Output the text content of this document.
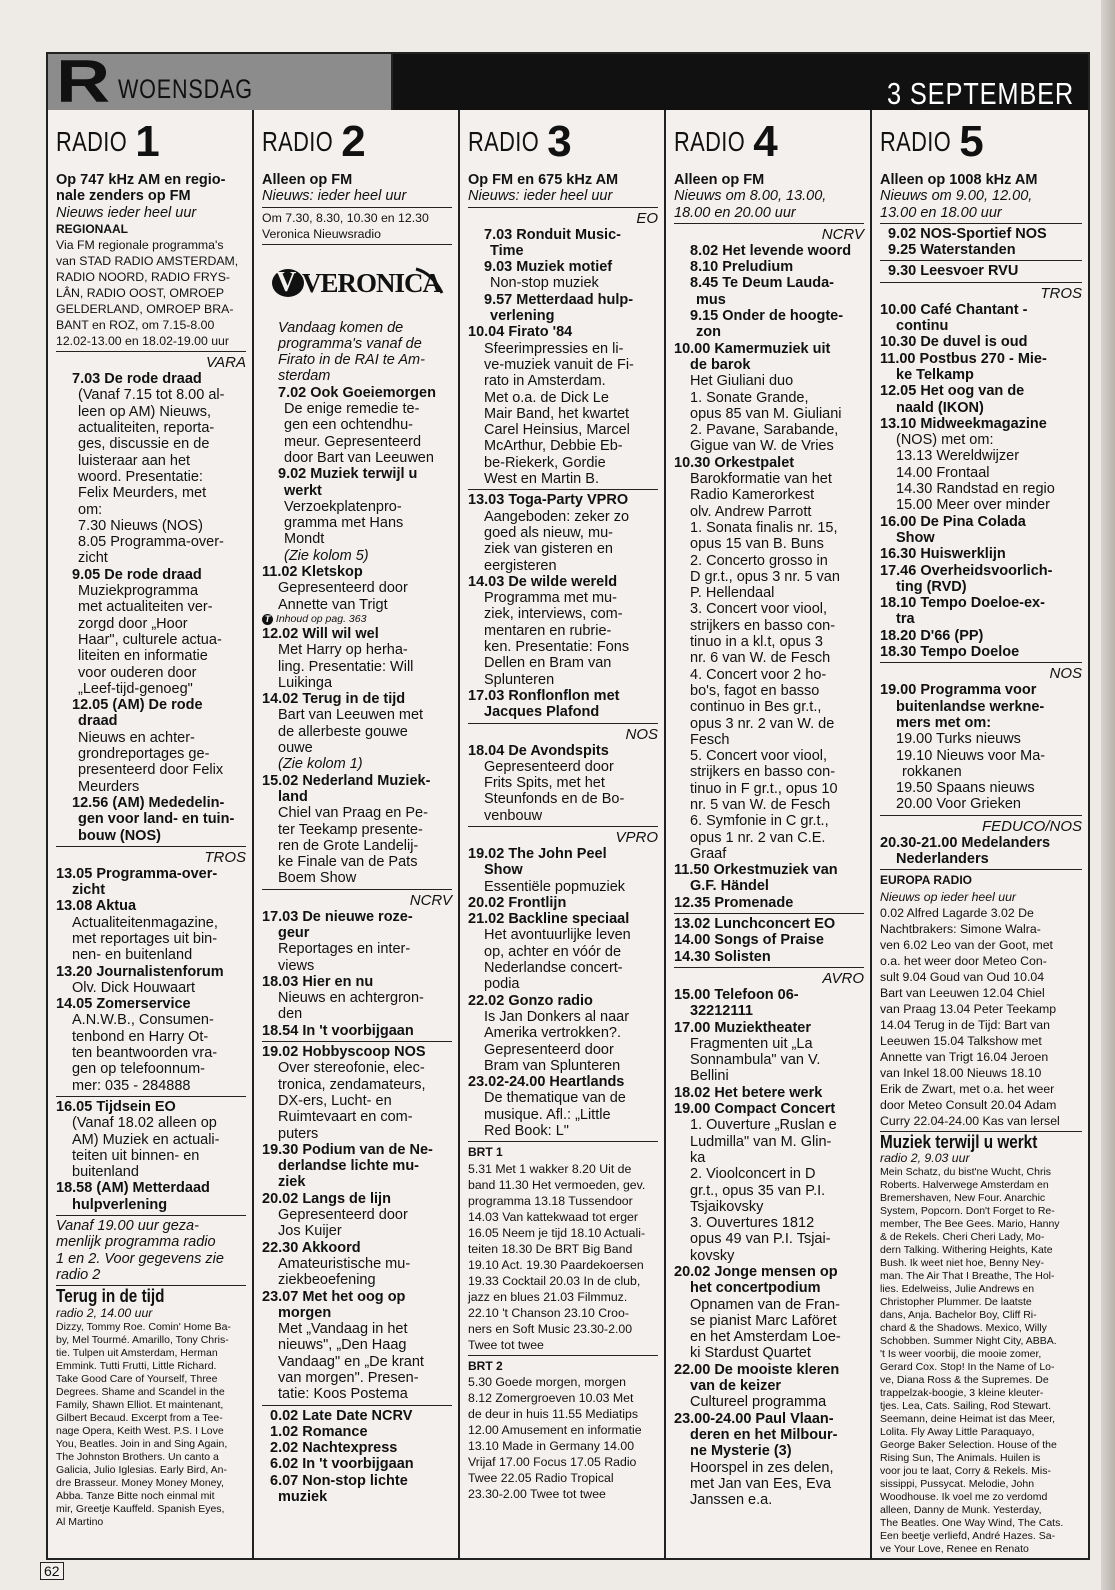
R WOENSDAG	3 SEPTEMBER
RADIO 1
Op 747 kHz AM en regio-
nale zenders op FM
Nieuws ieder heel uur
REGIONAAL
Via FM regionale programma's
van STAD RADIO AMSTERDAM,
RADIO NOORD, RADIO FRYS-
LÂN, RADIO OOST, OMROEP
GELDERLAND, OMROEP BRA-
BANT en ROZ, om 7.15-8.00
12.02-13.00 en 18.02-19.00 uur
VARA
7.03 De rode draad
(Vanaf 7.15 tot 8.00 al-
leen op AM) Nieuws,
actualiteiten, reporta-
ges, discussie en de
luisteraar aan het
woord. Presentatie:
Felix Meurders, met
om:
7.30 Nieuws (NOS)
8.05 Programma-over-
zicht
9.05 De rode draad
Muziekprogramma
met actualiteiten ver-
zorgd door „Hoor
Haar", culturele actua-
liteiten en informatie
voor ouderen door
„Leef-tijd-genoeg"
12.05 (AM) De rode
draad
Nieuws en achter-
grondreportages ge-
presenteerd door Felix
Meurders
12.56 (AM) Mededelin-
gen voor land- en tuin-
bouw (NOS)
TROS
13.05 Programma-over-
zicht
13.08 Aktua
Actualiteitenmagazine,
met reportages uit bin-
nen- en buitenland
13.20 Journalistenforum
Olv. Dick Houwaart
14.05 Zomerservice
A.N.W.B., Consumen-
tenbond en Harry Ot-
ten beantwoorden vra-
gen op telefoonnum-
mer: 035 - 284888
16.05 Tijdsein EO
(Vanaf 18.02 alleen op
AM) Muziek en actuali-
teiten uit binnen- en
buitenland
18.58 (AM) Metterdaad
hulpverlening
Vanaf 19.00 uur geza-
menlijk programma radio
1 en 2. Voor gegevens zie
radio 2
Terug in de tijd
radio 2, 14.00 uur
Dizzy, Tommy Roe. Comin' Home Ba-
by, Mel Tourmé. Amarillo, Tony Chris-
tie. Tulpen uit Amsterdam, Herman
Emmink. Tutti Frutti, Little Richard.
Take Good Care of Yourself, Three
Degrees. Shame and Scandel in the
Family, Shawn Elliot. Et maintenant,
Gilbert Becaud. Excerpt from a Tee-
nage Opera, Keith West. P.S. I Love
You, Beatles. Join in and Sing Again,
The Johnston Brothers. Un canto a
Galicia, Julio Iglesias. Early Bird, An-
dre Brasseur. Money Money Money,
Abba. Tanze Bitte noch einmal mit
mir, Greetje Kauffeld. Spanish Eyes,
Al Martino
RADIO 2
Alleen op FM
Nieuws: ieder heel uur
Om 7.30, 8.30, 10.30 en 12.30
Veronica Nieuwsradio
V VERONICA
Vandaag komen de
programma's vanaf de
Firato in de RAI te Am-
sterdam
7.02 Ook Goeiemorgen
De enige remedie te-
gen een ochtendhu-
meur. Gepresenteerd
door Bart van Leeuwen
9.02 Muziek terwijl u
werkt
Verzoekplatenpro-
gramma met Hans
Mondt
(Zie kolom 5)
11.02 Kletskop
Gepresenteerd door
Annette van Trigt
T Inhoud op pag. 363
12.02 Will wil wel
Met Harry op herha-
ling. Presentatie: Will
Luikinga
14.02 Terug in de tijd
Bart van Leeuwen met
de allerbeste gouwe
ouwe
(Zie kolom 1)
15.02 Nederland Muziek-
land
Chiel van Praag en Pe-
ter Teekamp presente-
ren de Grote Landelij-
ke Finale van de Pats
Boem Show
NCRV
17.03 De nieuwe roze-
geur
Reportages en inter-
views
18.03 Hier en nu
Nieuws en achtergron-
den
18.54 In 't voorbijgaan
19.02 Hobbyscoop NOS
Over stereofonie, elec-
tronica, zendamateurs,
DX-ers, Lucht- en
Ruimtevaart en com-
puters
19.30 Podium van de Ne-
derlandse lichte mu-
ziek
20.02 Langs de lijn
Gepresenteerd door
Jos Kuijer
22.30 Akkoord
Amateuristische mu-
ziekbeoefening
23.07 Met het oog op
morgen
Met „Vandaag in het
nieuws", „Den Haag
Vandaag" en „De krant
van morgen". Presen-
tatie: Koos Postema
0.02 Late Date NCRV
1.02 Romance
2.02 Nachtexpress
6.02 In 't voorbijgaan
6.07 Non-stop lichte
muziek
RADIO 3
Op FM en 675 kHz AM
Nieuws: ieder heel uur
EO
7.03 Ronduit Music-
Time
9.03 Muziek motief
Non-stop muziek
9.57 Metterdaad hulp-
verlening
10.04 Firato '84
Sfeerimpressies en li-
ve-muziek vanuit de Fi-
rato in Amsterdam.
Met o.a. de Dick Le
Mair Band, het kwartet
Carel Heinsius, Marcel
McArthur, Debbie Eb-
be-Riekerk, Gordie
West en Martin B.
13.03 Toga-Party VPRO
Aangeboden: zeker zo
goed als nieuw, mu-
ziek van gisteren en
eergisteren
14.03 De wilde wereld
Programma met mu-
ziek, interviews, com-
mentaren en rubrie-
ken. Presentatie: Fons
Dellen en Bram van
Splunteren
17.03 Ronflonflon met
Jacques Plafond
NOS
18.04 De Avondspits
Gepresenteerd door
Frits Spits, met het
Steunfonds en de Bo-
venbouw
VPRO
19.02 The John Peel
Show
Essentiële popmuziek
20.02 Frontlijn
21.02 Backline speciaal
Het avontuurlijke leven
op, achter en vóór de
Nederlandse concert-
podia
22.02 Gonzo radio
Is Jan Donkers al naar
Amerika vertrokken?.
Gepresenteerd door
Bram van Splunteren
23.02-24.00 Heartlands
De thematique van de
musique. Afl.: „Little
Red Book: L"
BRT 1
5.31 Met 1 wakker 8.20 Uit de
band 11.30 Het vermoeden, gev.
programma 13.18 Tussendoor
14.03 Van kattekwaad tot erger
16.05 Neem je tijd 18.10 Actuali-
teiten 18.30 De BRT Big Band
19.10 Act. 19.30 Paardekoersen
19.33 Cocktail 20.03 In de club,
jazz en blues 21.03 Filmmuz.
22.10 't Chanson 23.10 Croo-
ners en Soft Music 23.30-2.00
Twee tot twee
BRT 2
5.30 Goede morgen, morgen
8.12 Zomergroeven 10.03 Met
de deur in huis 11.55 Mediatips
12.00 Amusement en informatie
13.10 Made in Germany 14.00
Vrijaf 17.00 Focus 17.05 Radio
Twee 22.05 Radio Tropical
23.30-2.00 Twee tot twee
RADIO 4
Alleen op FM
Nieuws om 8.00, 13.00,
18.00 en 20.00 uur
NCRV
8.02 Het levende woord
8.10 Preludium
8.45 Te Deum Lauda-
mus
9.15 Onder de hoogte-
zon
10.00 Kamermuziek uit
de barok
Het Giuliani duo
1. Sonate Grande,
opus 85 van M. Giuliani
2. Pavane, Sarabande,
Gigue van W. de Vries
10.30 Orkestpalet
Barokformatie van het
Radio Kamerorkest
olv. Andrew Parrott
1. Sonata finalis nr. 15,
opus 15 van B. Buns
2. Concerto grosso in
D gr.t., opus 3 nr. 5 van
P. Hellendaal
3. Concert voor viool,
strijkers en basso con-
tinuo in a kl.t, opus 3
nr. 6 van W. de Fesch
4. Concert voor 2 ho-
bo's, fagot en basso
continuo in Bes gr.t.,
opus 3 nr. 2 van W. de
Fesch
5. Concert voor viool,
strijkers en basso con-
tinuo in F gr.t., opus 10
nr. 5 van W. de Fesch
6. Symfonie in C gr.t.,
opus 1 nr. 2 van C.E.
Graaf
11.50 Orkestmuziek van
G.F. Händel
12.35 Promenade
13.02 Lunchconcert EO
14.00 Songs of Praise
14.30 Solisten
AVRO
15.00 Telefoon 06-
32212111
17.00 Muziektheater
Fragmenten uit „La
Sonnambula" van V.
Bellini
18.02 Het betere werk
19.00 Compact Concert
1. Ouverture „Ruslan e
Ludmilla" van M. Glin-
ka
2. Vioolconcert in D
gr.t., opus 35 van P.I.
Tsjaikovsky
3. Ouvertures 1812
opus 49 van P.I. Tsjai-
kovsky
20.02 Jonge mensen op
het concertpodium
Opnamen van de Fran-
se pianist Marc Laföret
en het Amsterdam Loe-
ki Stardust Quartet
22.00 De mooiste kleren
van de keizer
Cultureel programma
23.00-24.00 Paul Vlaan-
deren en het Milbour-
ne Mysterie (3)
Hoorspel in zes delen,
met Jan van Ees, Eva
Janssen e.a.
RADIO 5
Alleen op 1008 kHz AM
Nieuws om 9.00, 12.00,
13.00 en 18.00 uur
9.02 NOS-Sportief NOS
9.25 Waterstanden
9.30 Leesvoer RVU
TROS
10.00 Café Chantant -
continu
10.30 De duvel is oud
11.00 Postbus 270 - Mie-
ke Telkamp
12.05 Het oog van de
naald (IKON)
13.10 Midweekmagazine
(NOS) met om:
13.13 Wereldwijzer
14.00 Frontaal
14.30 Randstad en regio
15.00 Meer over minder
16.00 De Pina Colada
Show
16.30 Huiswerklijn
17.46 Overheidsvoorlich-
ting (RVD)
18.10 Tempo Doeloe-ex-
tra
18.20 D'66 (PP)
18.30 Tempo Doeloe
NOS
19.00 Programma voor
buitenlandse werkne-
mers met om:
19.00 Turks nieuws
19.10 Nieuws voor Ma-
rokkanen
19.50 Spaans nieuws
20.00 Voor Grieken
FEDUCO/NOS
20.30-21.00 Medelanders
Nederlanders
EUROPA RADIO
Nieuws op ieder heel uur
0.02 Alfred Lagarde 3.02 De
Nachtbrakers: Simone Walra-
ven 6.02 Leo van der Goot, met
o.a. het weer door Meteo Con-
sult 9.04 Goud van Oud 10.04
Bart van Leeuwen 12.04 Chiel
van Praag 13.04 Peter Teekamp
14.04 Terug in de Tijd: Bart van
Leeuwen 15.04 Talkshow met
Annette van Trigt 16.04 Jeroen
van Inkel 18.00 Nieuws 18.10
Erik de Zwart, met o.a. het weer
door Meteo Consult 20.04 Adam
Curry 22.04-24.00 Kas van lersel
Muziek terwijl u werkt
radio 2, 9.03 uur
Mein Schatz, du bist'ne Wucht, Chris
Roberts. Halverwege Amsterdam en
Bremershaven, New Four. Anarchic
System, Popcorn. Don't Forget to Re-
member, The Bee Gees. Mario, Hanny
& de Rekels. Cheri Cheri Lady, Mo-
dern Talking. Withering Heights, Kate
Bush. Ik weet niet hoe, Benny Ney-
man. The Air That I Breathe, The Hol-
lies. Edelweiss, Julie Andrews en
Christopher Plummer. De laatste
dans, Anja. Bachelor Boy, Cliff Ri-
chard & the Shadows. Mexico, Willy
Schobben. Summer Night City, ABBA.
't Is weer voorbij, die mooie zomer,
Gerard Cox. Stop! In the Name of Lo-
ve, Diana Ross & the Supremes. De
trappelzak-boogie, 3 kleine kleuter-
tjes. Lea, Cats. Sailing, Rod Stewart.
Seemann, deine Heimat ist das Meer,
Lolita. Fly Away Little Paraquayo,
George Baker Selection. House of the
Rising Sun, The Animals. Huilen is
voor jou te laat, Corry & Rekels. Mis-
sissippi, Pussycat. Melodie, John
Woodhouse. Ik voel me zo verdomd
alleen, Danny de Munk. Yesterday,
The Beatles. One Way Wind, The Cats.
Een beetje verliefd, André Hazes. Sa-
ve Your Love, Renee en Renato
62
